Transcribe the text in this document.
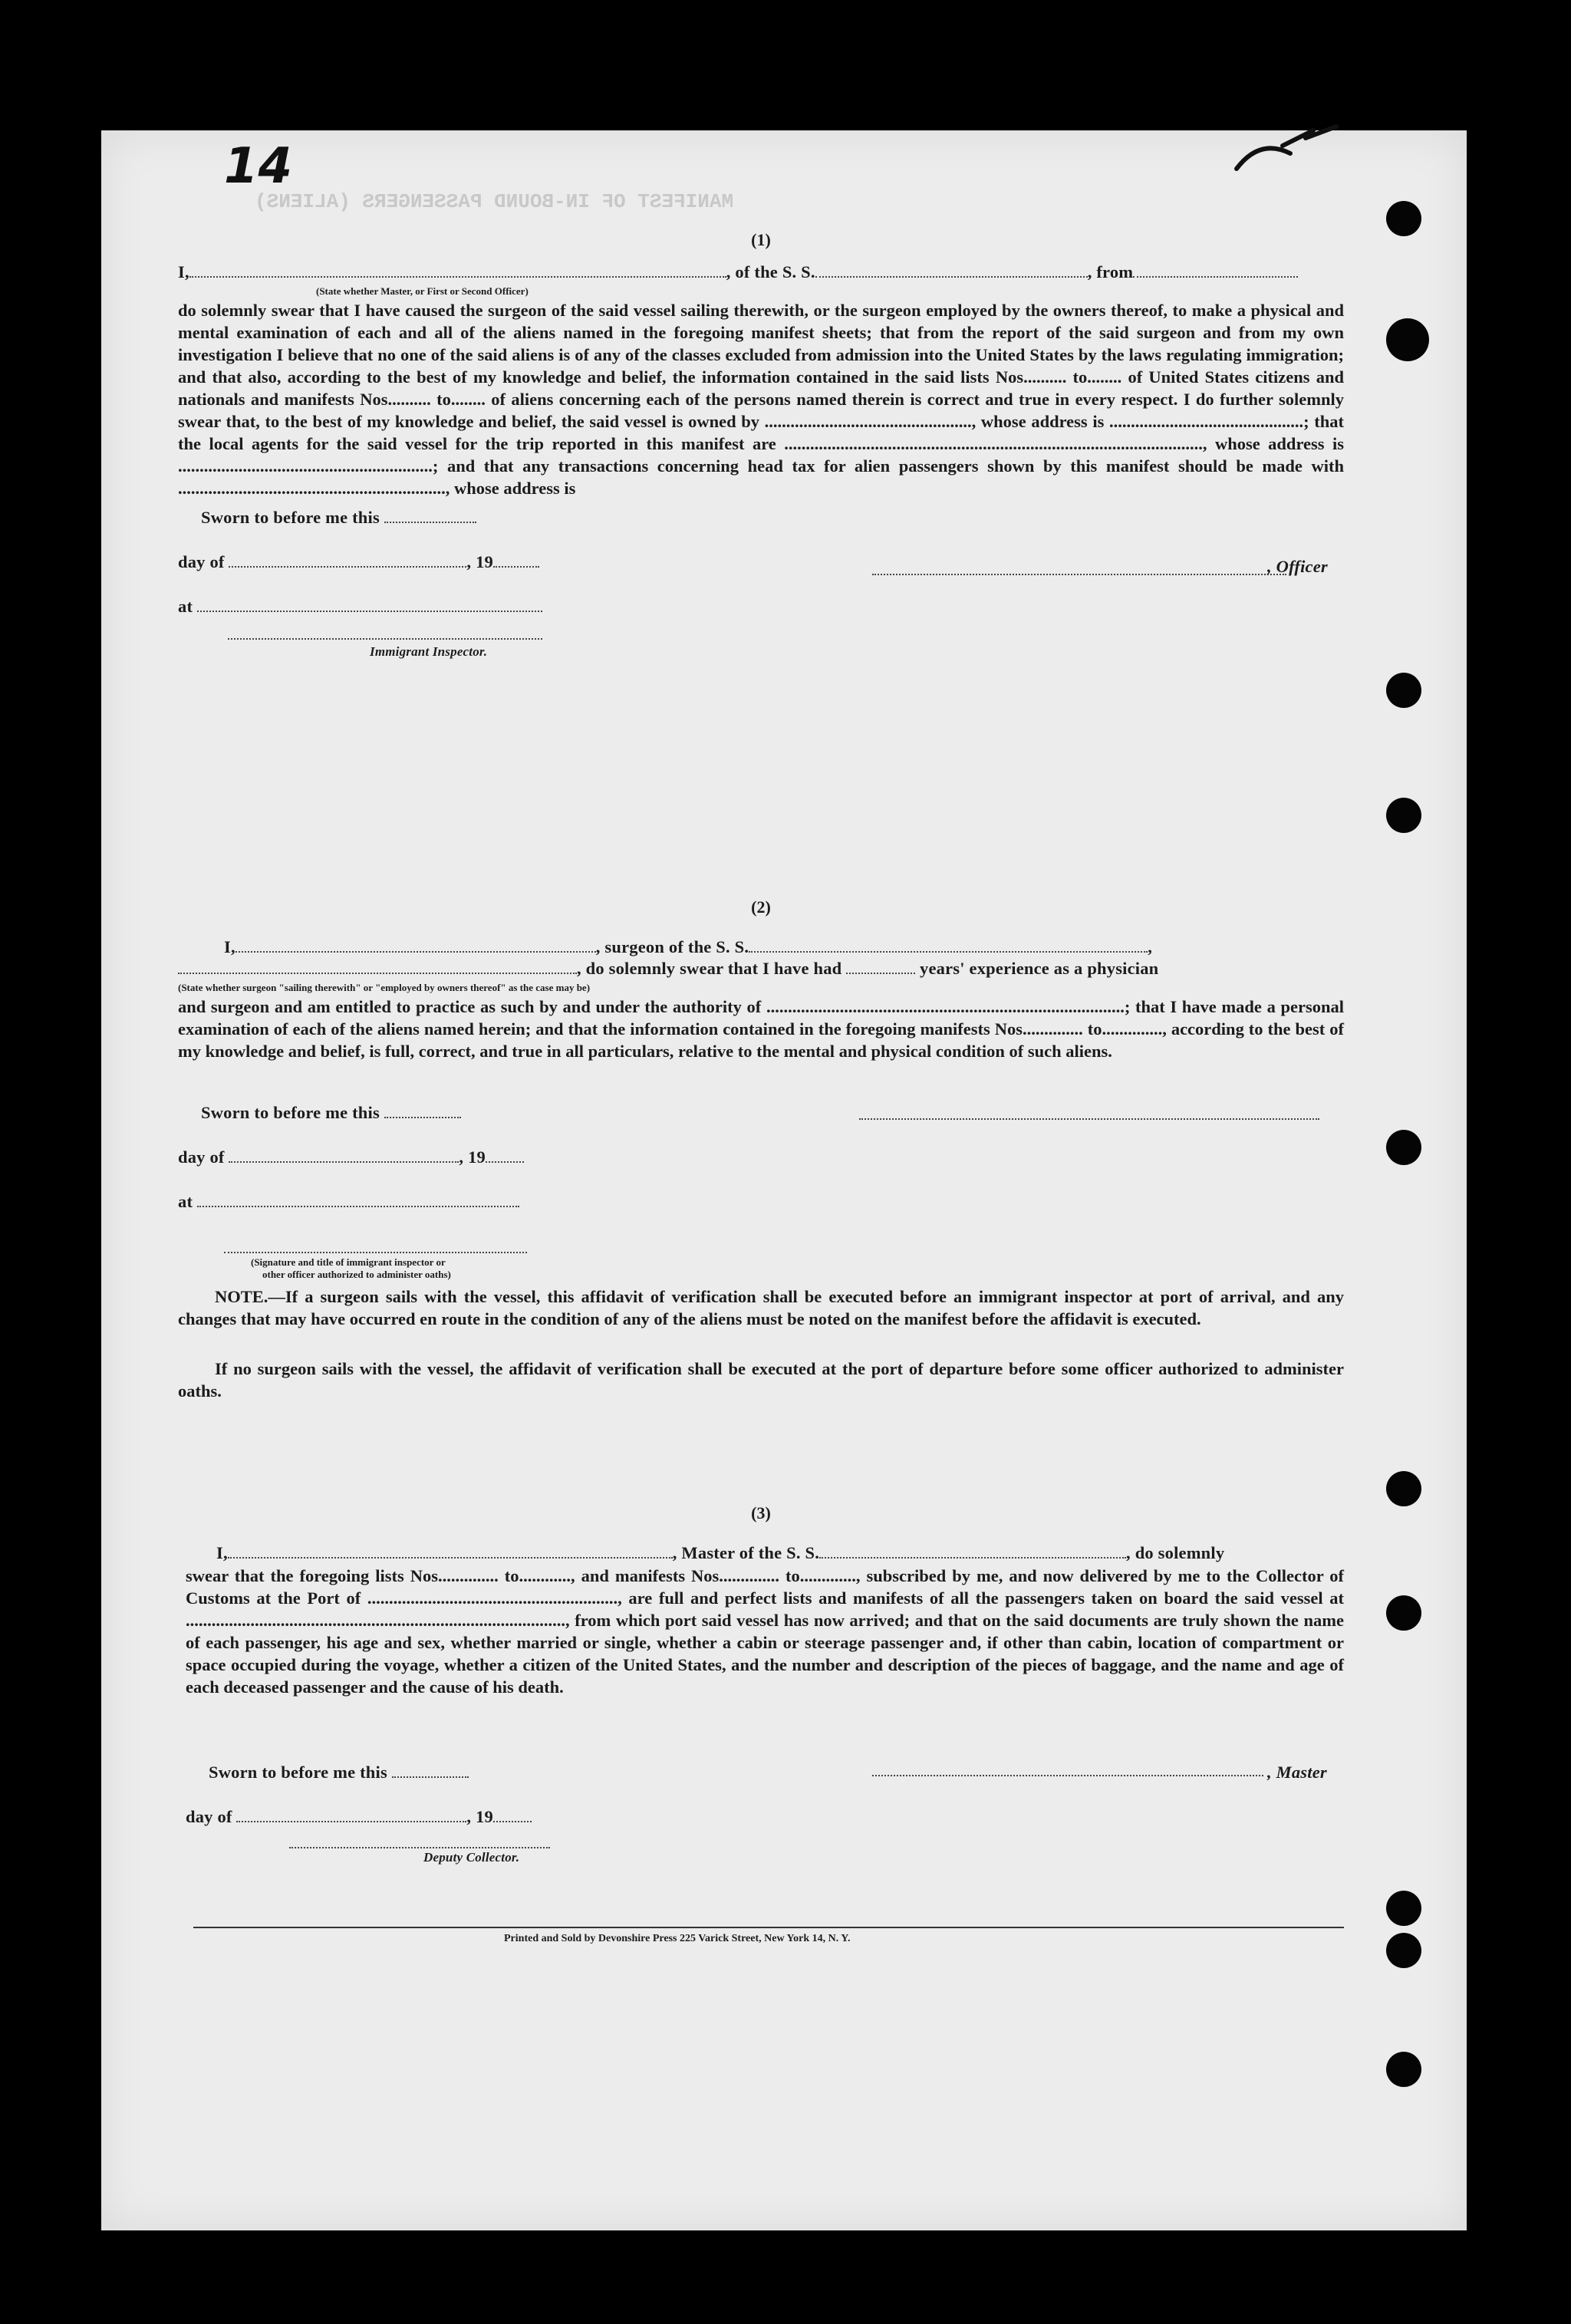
14
MANIFEST OF IN-BOUND PASSENGERS (ALIENS)
(1)
I,	, of the S. S.	, from
(State whether Master, or First or Second Officer)
do solemnly swear that I have caused the surgeon of the said vessel sailing therewith, or the surgeon employed by the owners thereof, to make a physical and mental examination of each and all of the aliens named in the foregoing manifest sheets; that from the report of the said surgeon and from my own investigation I believe that no one of the said aliens is of any of the classes excluded from admission into the United States by the laws regulating immigration; and that also, according to the best of my knowledge and belief, the information contained in the said lists Nos.......... to........ of United States citizens and nationals and manifests Nos.......... to........ of aliens concerning each of the persons named therein is correct and true in every respect. I do further solemnly swear that, to the best of my knowledge and belief, the said vessel is owned by ................................................, whose address is .............................................; that the local agents for the said vessel for the trip reported in this manifest are ................................................................................................., whose address is ...........................................................; and that any transactions concerning head tax for alien passengers shown by this manifest should be made with .............................................................., whose address is
Sworn to before me this
day of	, 19
at
, Officer
Immigrant Inspector.
(2)
I,	, surgeon of the S. S.	,
, do solemnly swear that I have had	years' experience as a physician
(State whether surgeon "sailing therewith" or "employed by owners thereof" as the case may be)
and surgeon and am entitled to practice as such by and under the authority of ...................................................................................; that I have made a personal examination of each of the aliens named herein; and that the information contained in the foregoing manifests Nos.............. to.............., according to the best of my knowledge and belief, is full, correct, and true in all particulars, relative to the mental and physical condition of such aliens.
Sworn to before me this
day of	, 19
at
(Signature and title of immigrant inspector or
other officer authorized to administer oaths)
NOTE.—If a surgeon sails with the vessel, this affidavit of verification shall be executed before an immigrant inspector at port of arrival, and any changes that may have occurred en route in the condition of any of the aliens must be noted on the manifest before the affidavit is executed.
If no surgeon sails with the vessel, the affidavit of verification shall be executed at the port of departure before some officer authorized to administer oaths.
(3)
I,	, Master of the S. S.	, do solemnly
swear that the foregoing lists Nos.............. to............, and manifests Nos.............. to............., subscribed by me, and now delivered by me to the Collector of Customs at the Port of .........................................................., are full and perfect lists and manifests of all the passengers taken on board the said vessel at ........................................................................................, from which port said vessel has now arrived; and that on the said documents are truly shown the name of each passenger, his age and sex, whether married or single, whether a cabin or steerage passenger and, if other than cabin, location of compartment or space occupied during the voyage, whether a citizen of the United States, and the number and description of the pieces of baggage, and the name and age of each deceased passenger and the cause of his death.
Sworn to before me this	, Master
day of	, 19
Deputy Collector.
Printed and Sold by Devonshire Press 225 Varick Street, New York 14, N. Y.
